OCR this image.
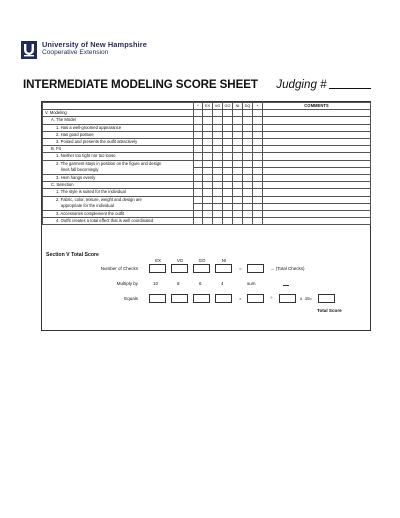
University of New Hampshire
Cooperative Extension
INTERMEDIATE MODELING SCORE SHEET Judging #
	*	EX	VG	GO	NI	DQ	+	COMMENTS
V. Modeling								
A. The Model								
1. Has a well-groomed appearance								
2. Has good posture								
3. Poised and presents the outfit attractively								
B. Fit								
1. Neither too tight nor too loose								
2. The garment stays in position on the figure and design								
lines fall becomingly								
3. Hem hangs evenly								
C. Selection								
1. The style is suited for the individual								
2. Fabric, color, texture, weight and design are								
appropriate for the individual								
3. Accessories complement the outfit								
4. Outfit creates a total effect that is well coordinated								
Section V Total Score
EX	VG	GO	NI
Number of Checks	=	→ (Total Checks)
Multiply by	10	8	6	4	sum
Equals	=	÷	x .15=
Total Score
